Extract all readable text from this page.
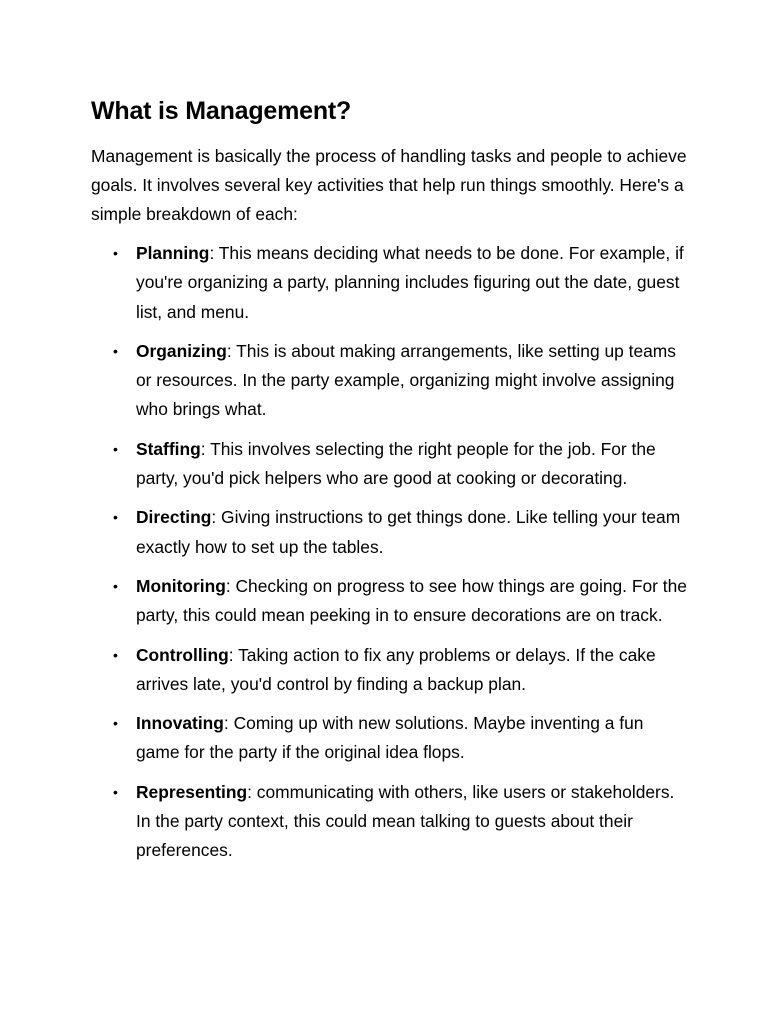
What is Management?

Management is basically the process of handling tasks and people to achieve goals. It involves several key activities that help run things smoothly. Here's a simple breakdown of each:

• Planning: This means deciding what needs to be done. For example, if you're organizing a party, planning includes figuring out the date, guest list, and menu.
• Organizing: This is about making arrangements, like setting up teams or resources. In the party example, organizing might involve assigning who brings what.
• Staffing: This involves selecting the right people for the job. For the party, you'd pick helpers who are good at cooking or decorating.
• Directing: Giving instructions to get things done. Like telling your team exactly how to set up the tables.
• Monitoring: Checking on progress to see how things are going. For the party, this could mean peeking in to ensure decorations are on track.
• Controlling: Taking action to fix any problems or delays. If the cake arrives late, you'd control by finding a backup plan.
• Innovating: Coming up with new solutions. Maybe inventing a fun game for the party if the original idea flops.
• Representing: communicating with others, like users or stakeholders. In the party context, this could mean talking to guests about their preferences.
